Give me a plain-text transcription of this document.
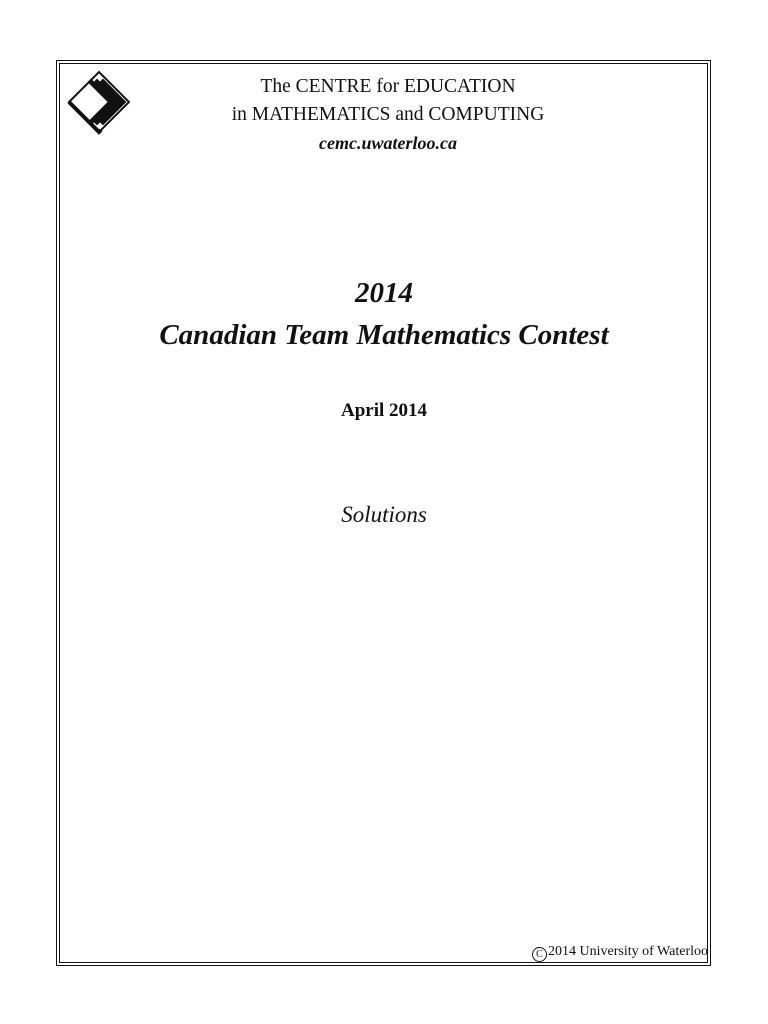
The CENTRE for EDUCATION
in MATHEMATICS and COMPUTING
cemc.uwaterloo.ca
2014
Canadian Team Mathematics Contest
April 2014
Solutions
C 2014 University of Waterloo
